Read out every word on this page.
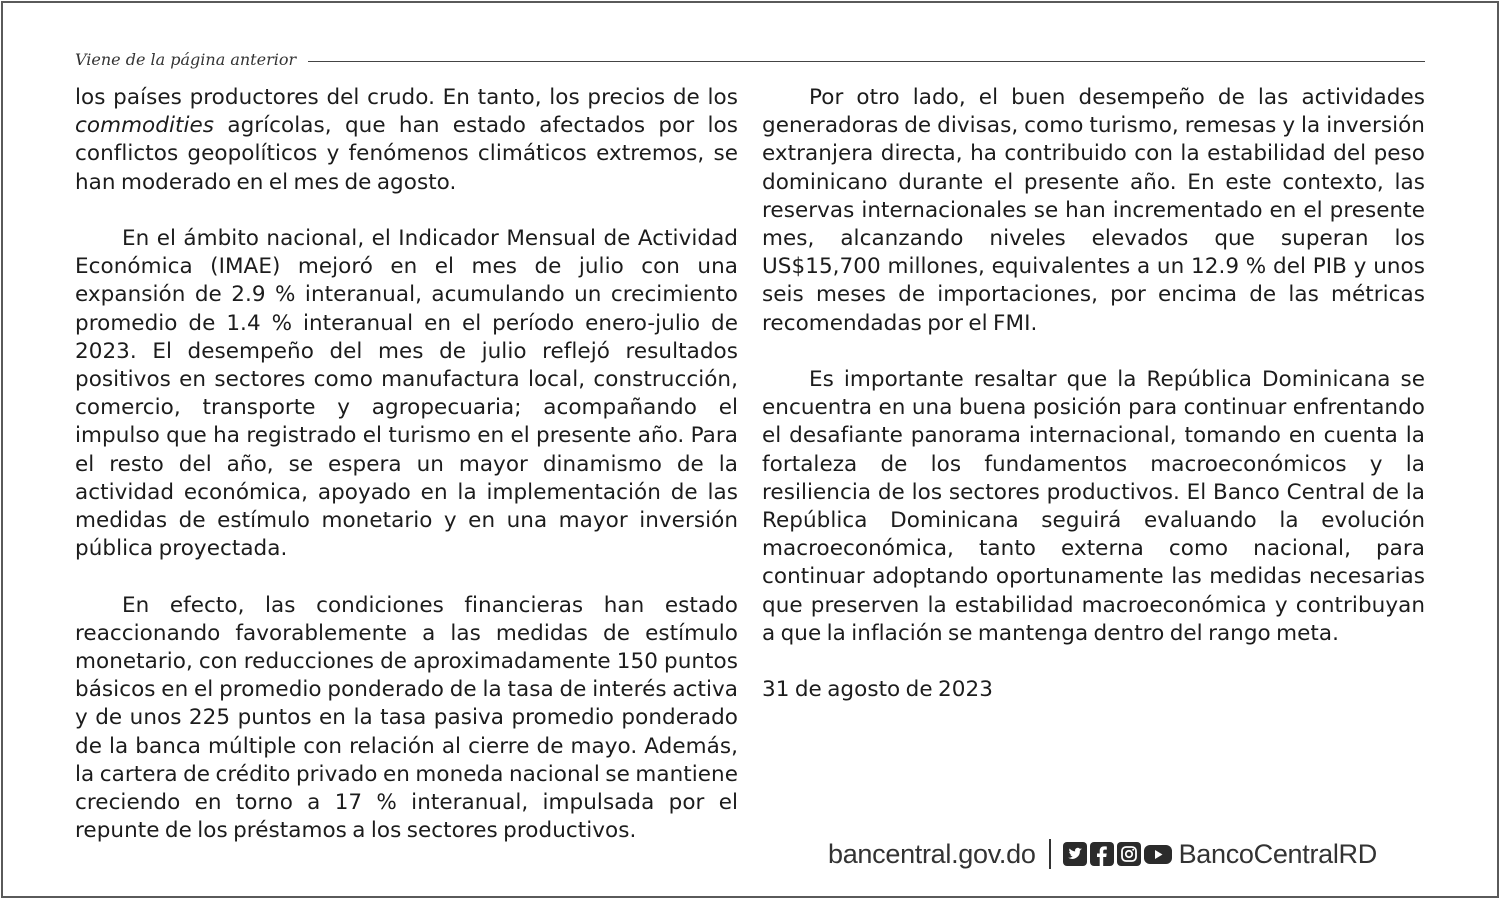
Viene de la página anterior

los países productores del crudo. En tanto, los precios de los commodities agrícolas, que han estado afectados por los conflictos geopolíticos y fenómenos climáticos extremos, se han moderado en el mes de agosto.

En el ámbito nacional, el Indicador Mensual de Actividad Económica (IMAE) mejoró en el mes de julio con una expansión de 2.9 % interanual, acumulando un crecimiento promedio de 1.4 % interanual en el período enero-julio de 2023. El desempeño del mes de julio reflejó resultados positivos en sectores como manufactura local, construcción, comercio, transporte y agropecuaria; acompañando el impulso que ha registrado el turismo en el presente año. Para el resto del año, se espera un mayor dinamismo de la actividad económica, apoyado en la implementación de las medidas de estímulo monetario y en una mayor inversión pública proyectada.

En efecto, las condiciones financieras han estado reaccionando favorablemente a las medidas de estímulo monetario, con reducciones de aproximadamente 150 puntos básicos en el promedio ponderado de la tasa de interés activa y de unos 225 puntos en la tasa pasiva promedio ponderado de la banca múltiple con relación al cierre de mayo. Además, la cartera de crédito privado en moneda nacional se mantiene creciendo en torno a 17 % interanual, impulsada por el repunte de los préstamos a los sectores productivos.

Por otro lado, el buen desempeño de las actividades generadoras de divisas, como turismo, remesas y la inversión extranjera directa, ha contribuido con la estabilidad del peso dominicano durante el presente año. En este contexto, las reservas internacionales se han incrementado en el presente mes, alcanzando niveles elevados que superan los US$15,700 millones, equivalentes a un 12.9 % del PIB y unos seis meses de importaciones, por encima de las métricas recomendadas por el FMI.

Es importante resaltar que la República Dominicana se encuentra en una buena posición para continuar enfrentando el desafiante panorama internacional, tomando en cuenta la fortaleza de los fundamentos macroeconómicos y la resiliencia de los sectores productivos. El Banco Central de la República Dominicana seguirá evaluando la evolución macroeconómica, tanto externa como nacional, para continuar adoptando oportunamente las medidas necesarias que preserven la estabilidad macroeconómica y contribuyan a que la inflación se mantenga dentro del rango meta.

31 de agosto de 2023

bancentral.gov.do	BancoCentralRD
